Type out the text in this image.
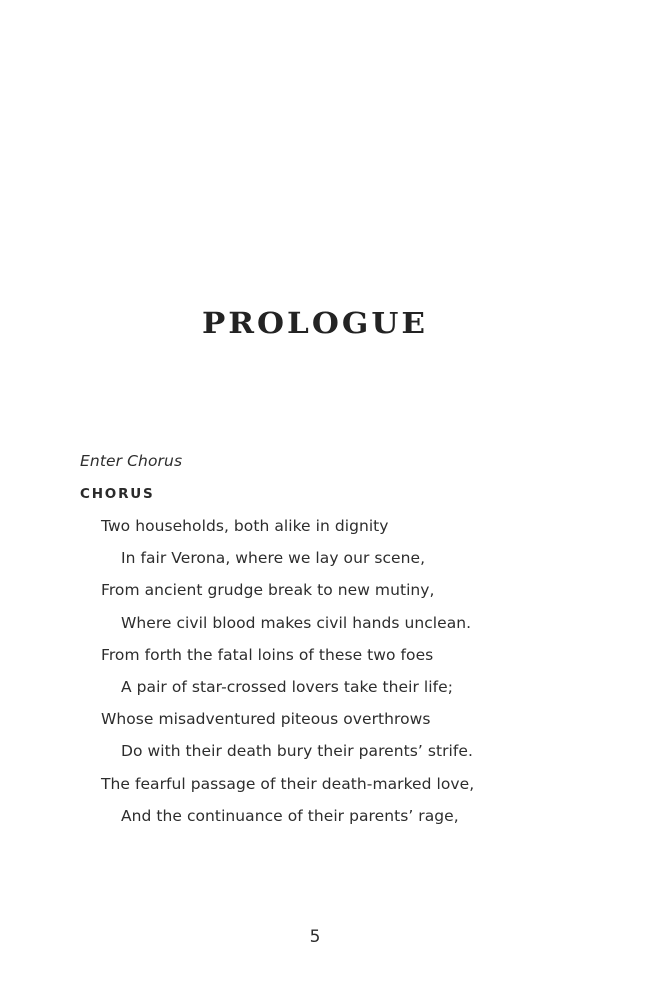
PROLOGUE
Enter Chorus
CHORUS
Two households, both alike in dignity
In fair Verona, where we lay our scene,
From ancient grudge break to new mutiny,
Where civil blood makes civil hands unclean.
From forth the fatal loins of these two foes
A pair of star-crossed lovers take their life;
Whose misadventured piteous overthrows
Do with their death bury their parents’ strife.
The fearful passage of their death-marked love,
And the continuance of their parents’ rage,
5
